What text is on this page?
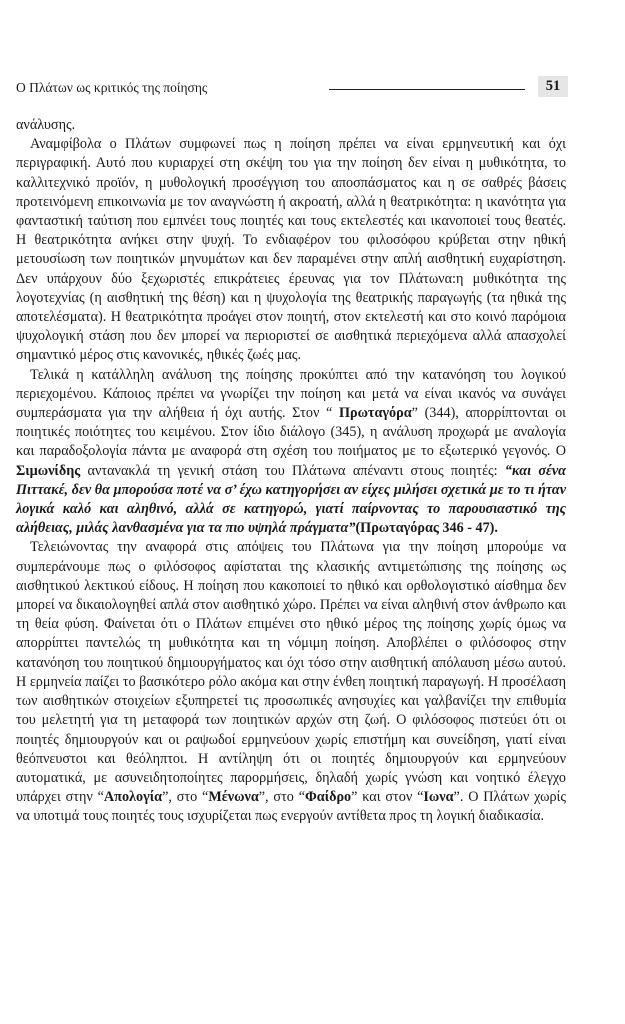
Ο Πλάτων ως κριτικός της ποίησης	51

ανάλυσης.

Αναμφίβολα ο Πλάτων συμφωνεί πως η ποίηση πρέπει να είναι ερμηνευτική και όχι περιγραφική. Αυτό που κυριαρχεί στη σκέψη του για την ποίηση δεν είναι η μυθικότητα, το καλλιτεχνικό προϊόν, η μυθολογική προσέγγιση του αποσπάσματος και η σε σαθρές βάσεις προτεινόμενη επικοινωνία με τον αναγνώστη ή ακροατή, αλλά η θεατρικότητα: η ικανότητα για φανταστική ταύτιση που εμπνέει τους ποιητές και τους εκτελεστές και ικανοποιεί τους θεατές. Η θεατρικότητα ανήκει στην ψυχή. Το ενδιαφέρον του φιλοσόφου κρύβεται στην ηθική μετουσίωση των ποιητικών μηνυμάτων και δεν παραμένει στην απλή αισθητική ευχαρίστηση. Δεν υπάρχουν δύο ξεχωριστές επικράτειες έρευνας για τον Πλάτωνα:η μυθικότητα της λογοτεχνίας (η αισθητική της θέση) και η ψυχολογία της θεατρικής παραγωγής (τα ηθικά της αποτελέσματα). Η θεατρικότητα προάγει στον ποιητή, στον εκτελεστή και στο κοινό παρόμοια ψυχολογική στάση που δεν μπορεί να περιοριστεί σε αισθητικά περιεχόμενα αλλά απασχολεί σημαντικό μέρος στις κανονικές, ηθικές ζωές μας.

Τελικά η κατάλληλη ανάλυση της ποίησης προκύπτει από την κατανόηση του λογικού περιεχομένου. Κάποιος πρέπει να γνωρίζει την ποίηση και μετά να είναι ικανός να συνάγει συμπεράσματα για την αλήθεια ή όχι αυτής. Στον “ Πρωταγόρα” (344), απορρίπτονται οι ποιητικές ποιότητες του κειμένου. Στον ίδιο διάλογο (345), η ανάλυση προχωρά με αναλογία και παραδοξολογία πάντα με αναφορά στη σχέση του ποιήματος με το εξωτερικό γεγονός. Ο Σιμωνίδης αντανακλά τη γενική στάση του Πλάτωνα απέναντι στους ποιητές: “και σένα Πιττακέ, δεν θα μπορούσα ποτέ να σ’ έχω κατηγορήσει αν είχες μιλήσει σχετικά με το τι ήταν λογικά καλό και αληθινό, αλλά σε κατηγορώ, γιατί παίρνοντας το παρουσιαστικό της αλήθειας, μιλάς λανθασμένα για τα πιο υψηλά πράγματα”(Πρωταγόρας 346 - 47).

Τελειώνοντας την αναφορά στις απόψεις του Πλάτωνα για την ποίηση μπορούμε να συμπεράνουμε πως ο φιλόσοφος αφίσταται της κλασικής αντιμετώπισης της ποίησης ως αισθητικού λεκτικού είδους. Η ποίηση που κακοποιεί το ηθικό και ορθολογιστικό αίσθημα δεν μπορεί να δικαιολογηθεί απλά στον αισθητικό χώρο. Πρέπει να είναι αληθινή στον άνθρωπο και τη θεία φύση. Φαίνεται ότι ο Πλάτων επιμένει στο ηθικό μέρος της ποίησης χωρίς όμως να απορρίπτει παντελώς τη μυθικότητα και τη νόμιμη ποίηση. Αποβλέπει ο φιλόσοφος στην κατανόηση του ποιητικού δημιουργήματος και όχι τόσο στην αισθητική απόλαυση μέσω αυτού. Η ερμηνεία παίζει το βασικότερο ρόλο ακόμα και στην ένθεη ποιητική παραγωγή. Η προσέλαση των αισθητικών στοιχείων εξυπηρετεί τις προσωπικές ανησυχίες και γαλβανίζει την επιθυμία του μελετητή για τη μεταφορά των ποιητικών αρχών στη ζωή. Ο φιλόσοφος πιστεύει ότι οι ποιητές δημιουργούν και οι ραψωδοί ερμηνεύουν χωρίς επιστήμη και συνείδηση, γιατί είναι θεόπνευστοι και θεόληπτοι. Η αντίληψη ότι οι ποιητές δημιουργούν και ερμηνεύουν αυτοματικά, με ασυνειδητοποίητες παρορμήσεις, δηλαδή χωρίς γνώση και νοητικό έλεγχο υπάρχει στην “Απολογία”, στο “Μένωνα”, στο “Φαίδρο” και στον “Ιωνα”. Ο Πλάτων χωρίς να υποτιμά τους ποιητές τους ισχυρίζεται πως ενεργούν αντίθετα προς τη λογική διαδικασία.
